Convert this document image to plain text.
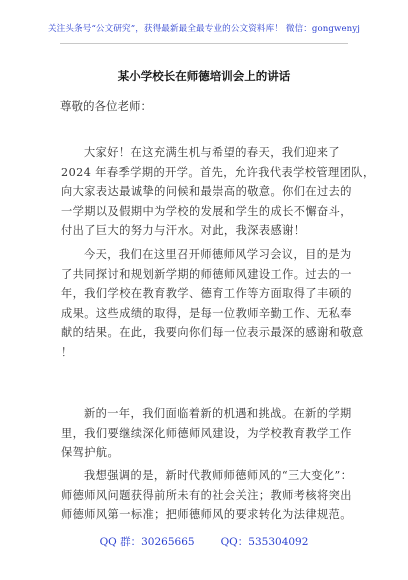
关注头条号“公文研究”，获得最新最全最专业的公文资料库！ 微信：gongwenyj
某小学校长在师德培训会上的讲话
尊敬的各位老师：
大家好！在这充满生机与希望的春天，我们迎来了
2024 年春季学期的开学。首先，允许我代表学校管理团队，
向大家表达最诚挚的问候和最崇高的敬意。你们在过去的
一学期以及假期中为学校的发展和学生的成长不懈奋斗，
付出了巨大的努力与汗水。对此，我深表感谢！
今天，我们在这里召开师德师风学习会议，目的是为
了共同探讨和规划新学期的师德师风建设工作。过去的一
年，我们学校在教育教学、德育工作等方面取得了丰硕的
成果。这些成绩的取得，是每一位教师辛勤工作、无私奉
献的结果。在此，我要向你们每一位表示最深的感谢和敬意
！
新的一年，我们面临着新的机遇和挑战。在新的学期
里，我们要继续深化师德师风建设，为学校教育教学工作
保驾护航。
我想强调的是，新时代教师师德师风的“三大变化”：
师德师风问题获得前所未有的社会关注；教师考核将突出
师德师风第一标准；把师德师风的要求转化为法律规范。
QQ 群：30265665 QQ：535304092
